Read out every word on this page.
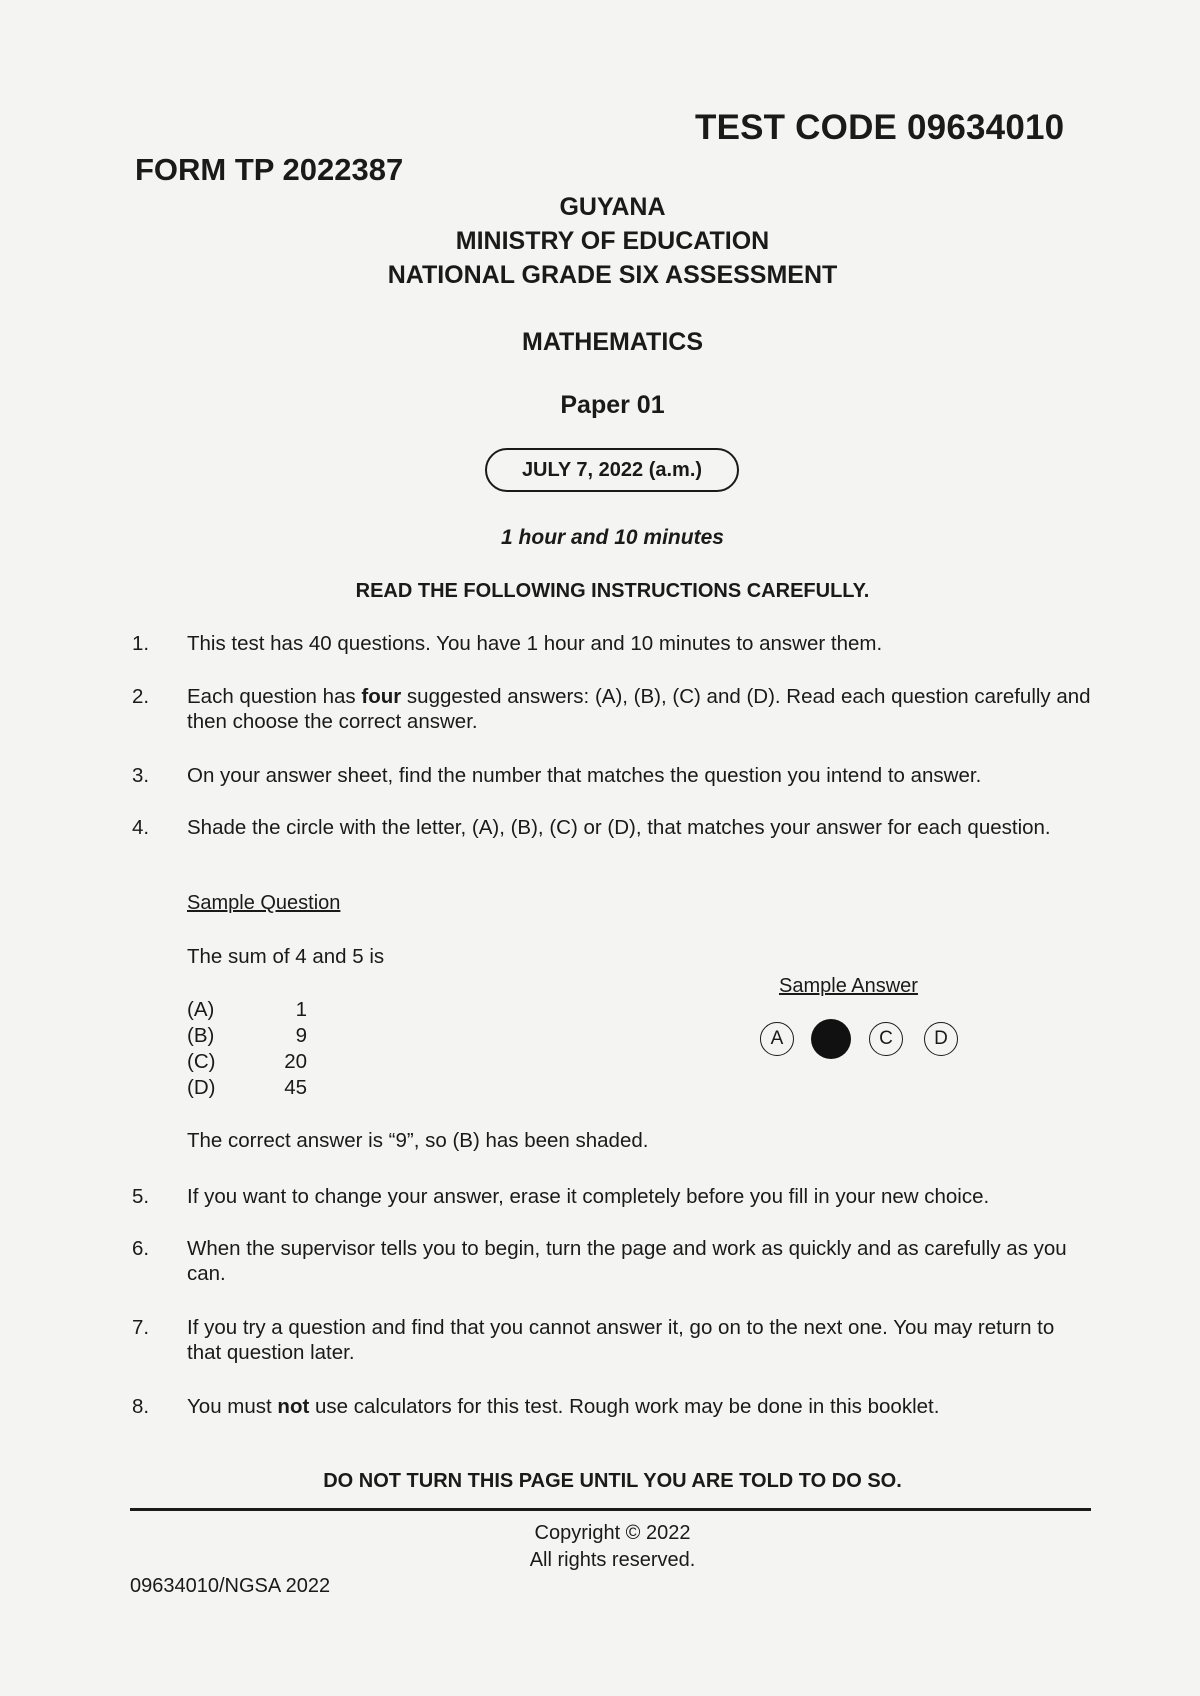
TEST CODE 09634010
FORM TP 2022387
GUYANA
MINISTRY OF EDUCATION
NATIONAL GRADE SIX ASSESSMENT
MATHEMATICS
Paper 01
JULY 7, 2022 (a.m.)
1 hour and 10 minutes
READ THE FOLLOWING INSTRUCTIONS CAREFULLY.
1. This test has 40 questions. You have 1 hour and 10 minutes to answer them.
2. Each question has four suggested answers: (A), (B), (C) and (D). Read each question carefully and then choose the correct answer.
3. On your answer sheet, find the number that matches the question you intend to answer.
4. Shade the circle with the letter, (A), (B), (C) or (D), that matches your answer for each question.
Sample Question
The sum of 4 and 5 is
(A)	1
(B)	9
(C)	20
(D)	45
Sample Answer
A	C	D
The correct answer is “9”, so (B) has been shaded.
5. If you want to change your answer, erase it completely before you fill in your new choice.
6. When the supervisor tells you to begin, turn the page and work as quickly and as carefully as you can.
7. If you try a question and find that you cannot answer it, go on to the next one. You may return to that question later.
8. You must not use calculators for this test. Rough work may be done in this booklet.
DO NOT TURN THIS PAGE UNTIL YOU ARE TOLD TO DO SO.
Copyright © 2022
All rights reserved.
09634010/NGSA 2022
